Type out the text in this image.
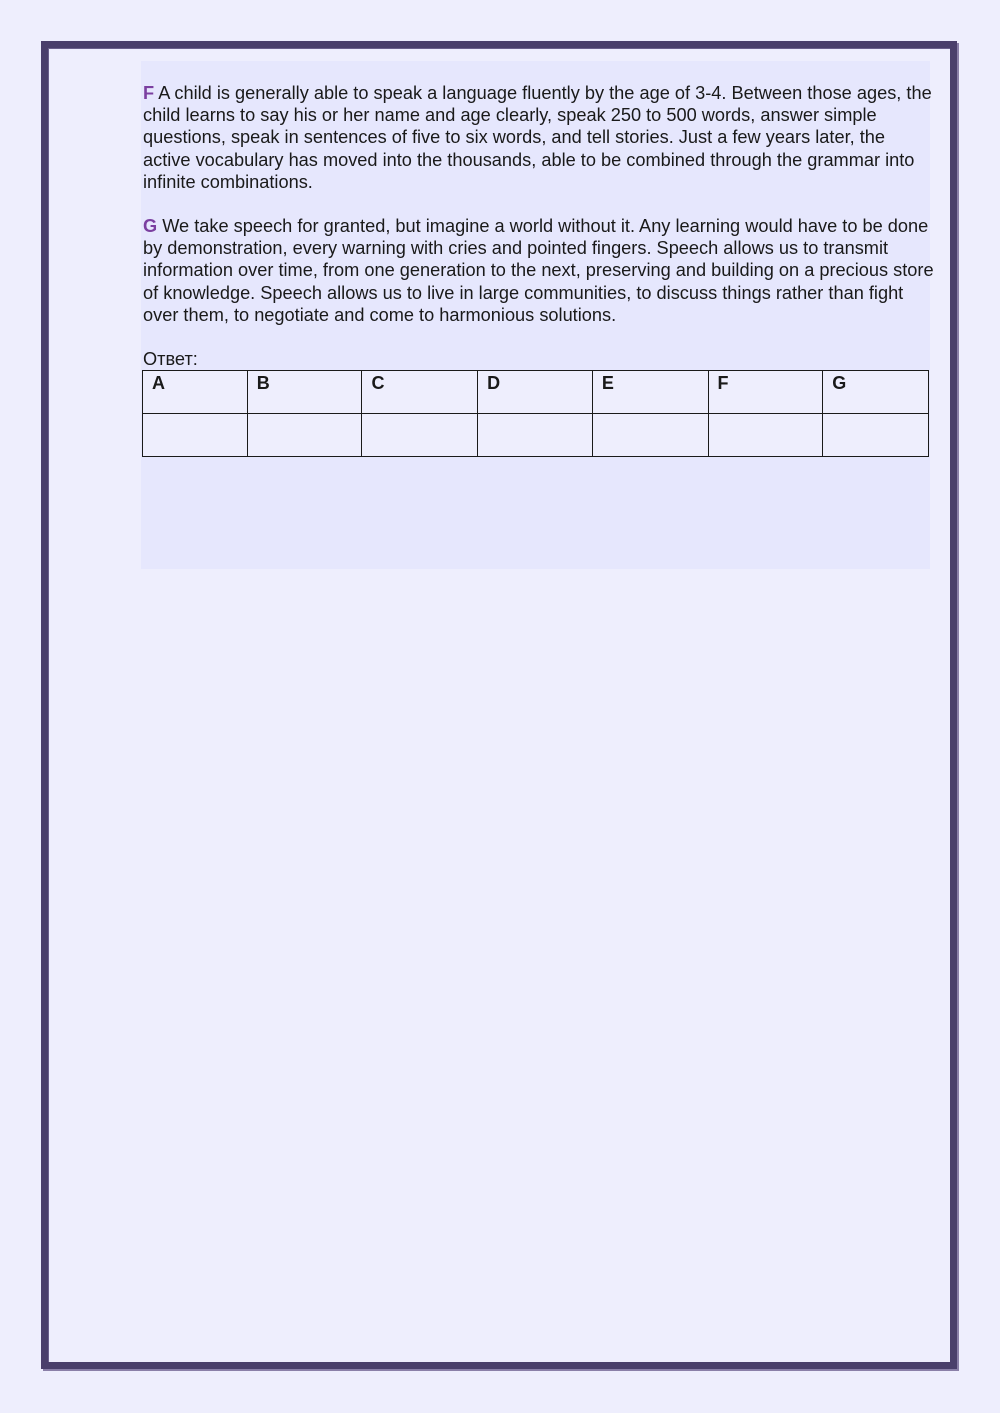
F A child is generally able to speak a language fluently by the age of 3-4. Between those ages, the child learns to say his or her name and age clearly, speak 250 to 500 words, answer simple questions, speak in sentences of five to six words, and tell stories. Just a few years later, the active vocabulary has moved into the thousands, able to be combined through the grammar into infinite combinations.

G We take speech for granted, but imagine a world without it. Any learning would have to be done by demonstration, every warning with cries and pointed fingers. Speech allows us to transmit information over time, from one generation to the next, preserving and building on a precious store of knowledge. Speech allows us to live in large communities, to discuss things rather than fight over them, to negotiate and come to harmonious solutions.

Ответ:
A	B	C	D	E	F	G
